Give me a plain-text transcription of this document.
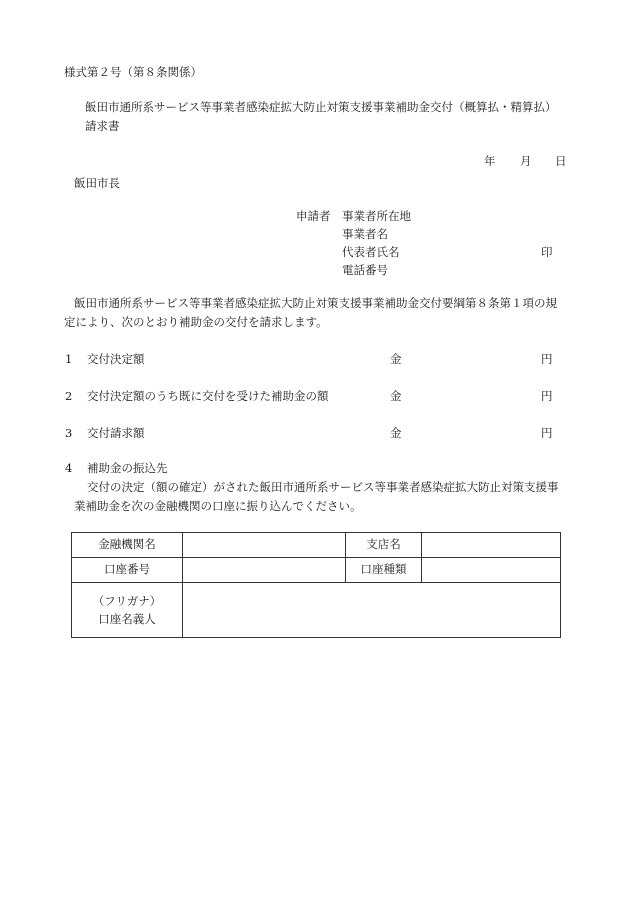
様式第２号（第８条関係）
飯田市通所系サービス等事業者感染症拡大防止対策支援事業補助金交付（概算払・精算払）
請求書
年 月 日
飯田市長
申請者 事業者所在地
事業者名
代表者氏名	印
電話番号
飯田市通所系サービス等事業者感染症拡大防止対策支援事業補助金交付要綱第８条第１項の規
定により、次のとおり補助金の交付を請求します。
1 交付決定額	金	円
2 交付決定額のうち既に交付を受けた補助金の額	金	円
3 交付請求額	金	円
4 補助金の振込先
交付の決定（額の確定）がされた飯田市通所系サービス等事業者感染症拡大防止対策支援事
業補助金を次の金融機関の口座に振り込んでください。
金融機関名		支店名	
口座番号		口座種類	

（フリガナ）
口座名義人			
